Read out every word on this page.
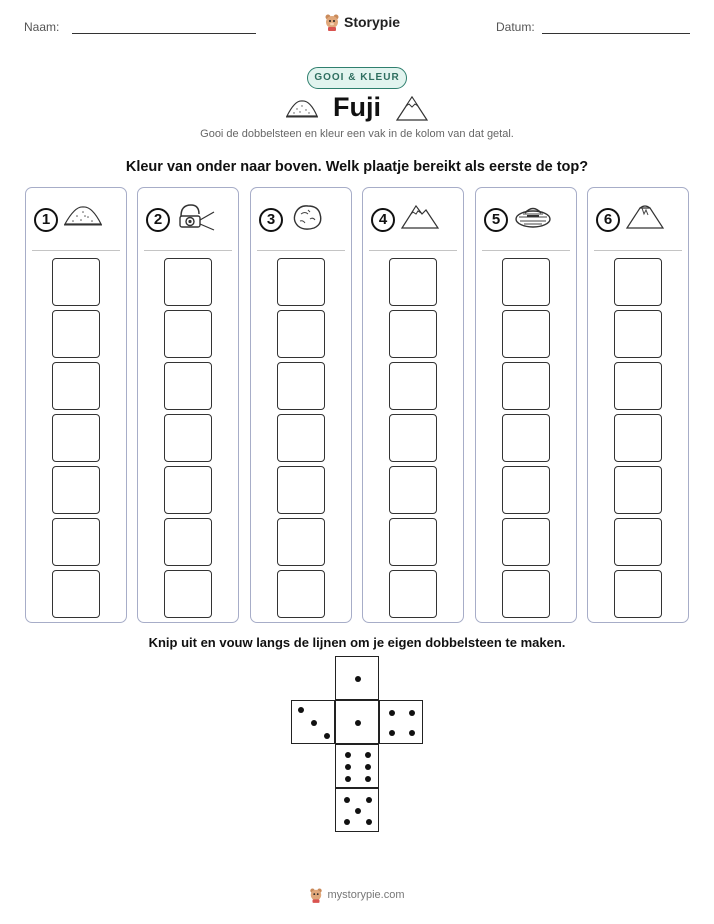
Naam:	Storypie	Datum:
GOOI & KLEUR
Fuji
Gooi de dobbelsteen en kleur een vak in de kolom van dat getal.
Kleur van onder naar boven. Welk plaatje bereikt als eerste de top?
1	2	3	4	5	6
Knip uit en vouw langs de lijnen om je eigen dobbelsteen te maken.
mystorypie.com
